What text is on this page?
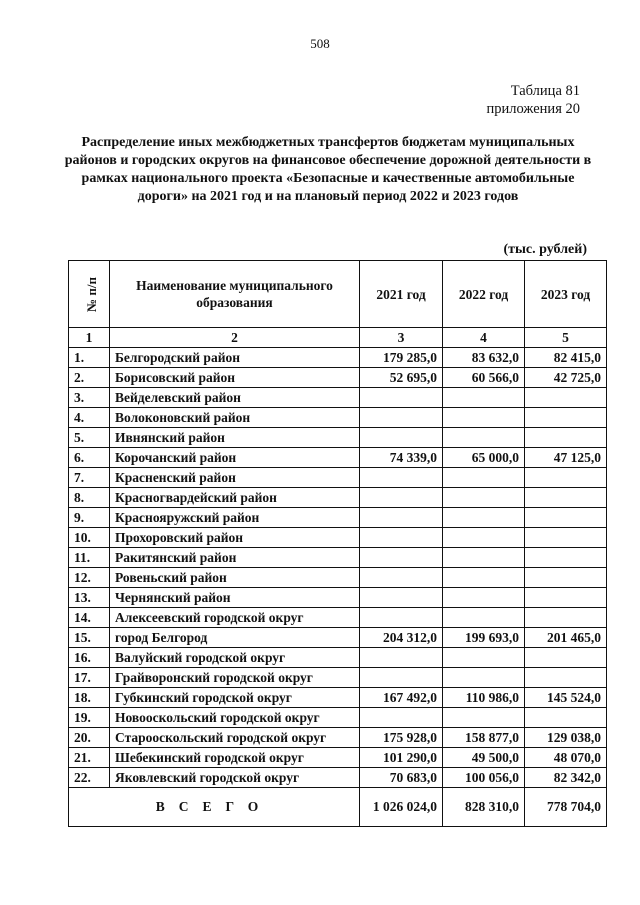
508
Таблица 81
приложения 20
Распределение иных межбюджетных трансфертов бюджетам муниципальных районов и городских округов на финансовое обеспечение дорожной деятельности в рамках национального проекта «Безопасные и качественные автомобильные дороги» на 2021 год и на плановый период 2022 и 2023 годов
(тыс. рублей)
№ п/п	Наименование муниципального образования	2021 год	2022 год	2023 год
1	2	3	4	5
1.	Белгородский район	179 285,0	83 632,0	82 415,0
2.	Борисовский район	52 695,0	60 566,0	42 725,0
3.	Вейделевский район			
4.	Волоконовский район			
5.	Ивнянский район			
6.	Корочанский район	74 339,0	65 000,0	47 125,0
7.	Красненский район			
8.	Красногвардейский район			
9.	Краснояружский район			
10.	Прохоровский район			
11.	Ракитянский район			
12.	Ровеньский район			
13.	Чернянский район			
14.	Алексеевский городской округ			
15.	город Белгород	204 312,0	199 693,0	201 465,0
16.	Валуйский городской округ			
17.	Грайворонский городской округ			
18.	Губкинский городской округ	167 492,0	110 986,0	145 524,0
19.	Новооскольский городской округ			
20.	Старооскольский городской округ	175 928,0	158 877,0	129 038,0
21.	Шебекинский городской округ	101 290,0	49 500,0	48 070,0
22.	Яковлевский городской округ	70 683,0	100 056,0	82 342,0
ВСЕГО		1 026 024,0	828 310,0	778 704,0
